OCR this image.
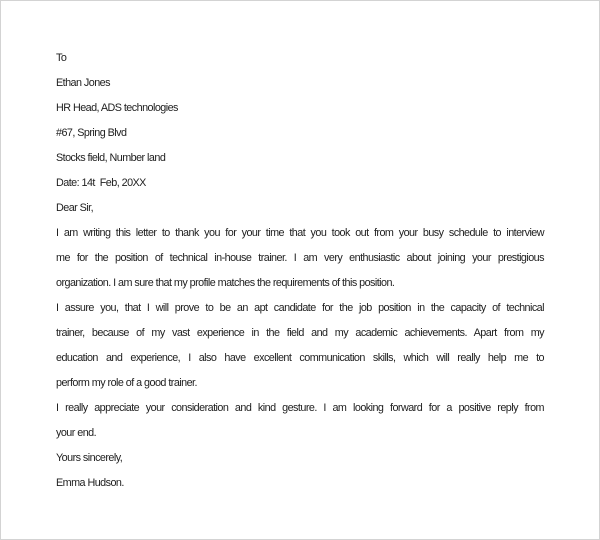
To
Ethan Jones
HR Head, ADS technologies
#67, Spring Blvd
Stocks field, Number land
Date: 14t  Feb, 20XX
Dear Sir,
I am writing this letter to thank you for your time that you took out from your busy schedule to interview
me for the position of technical in-house trainer. I am very enthusiastic about joining your prestigious
organization. I am sure that my profile matches the requirements of this position.
I assure you, that I will prove to be an apt candidate for the job position in the capacity of technical
trainer, because of my vast experience in the field and my academic achievements. Apart from my
education and experience, I also have excellent communication skills, which will really help me to
perform my role of a good trainer.
I really appreciate your consideration and kind gesture. I am looking forward for a positive reply from
your end.
Yours sincerely,
Emma Hudson.
